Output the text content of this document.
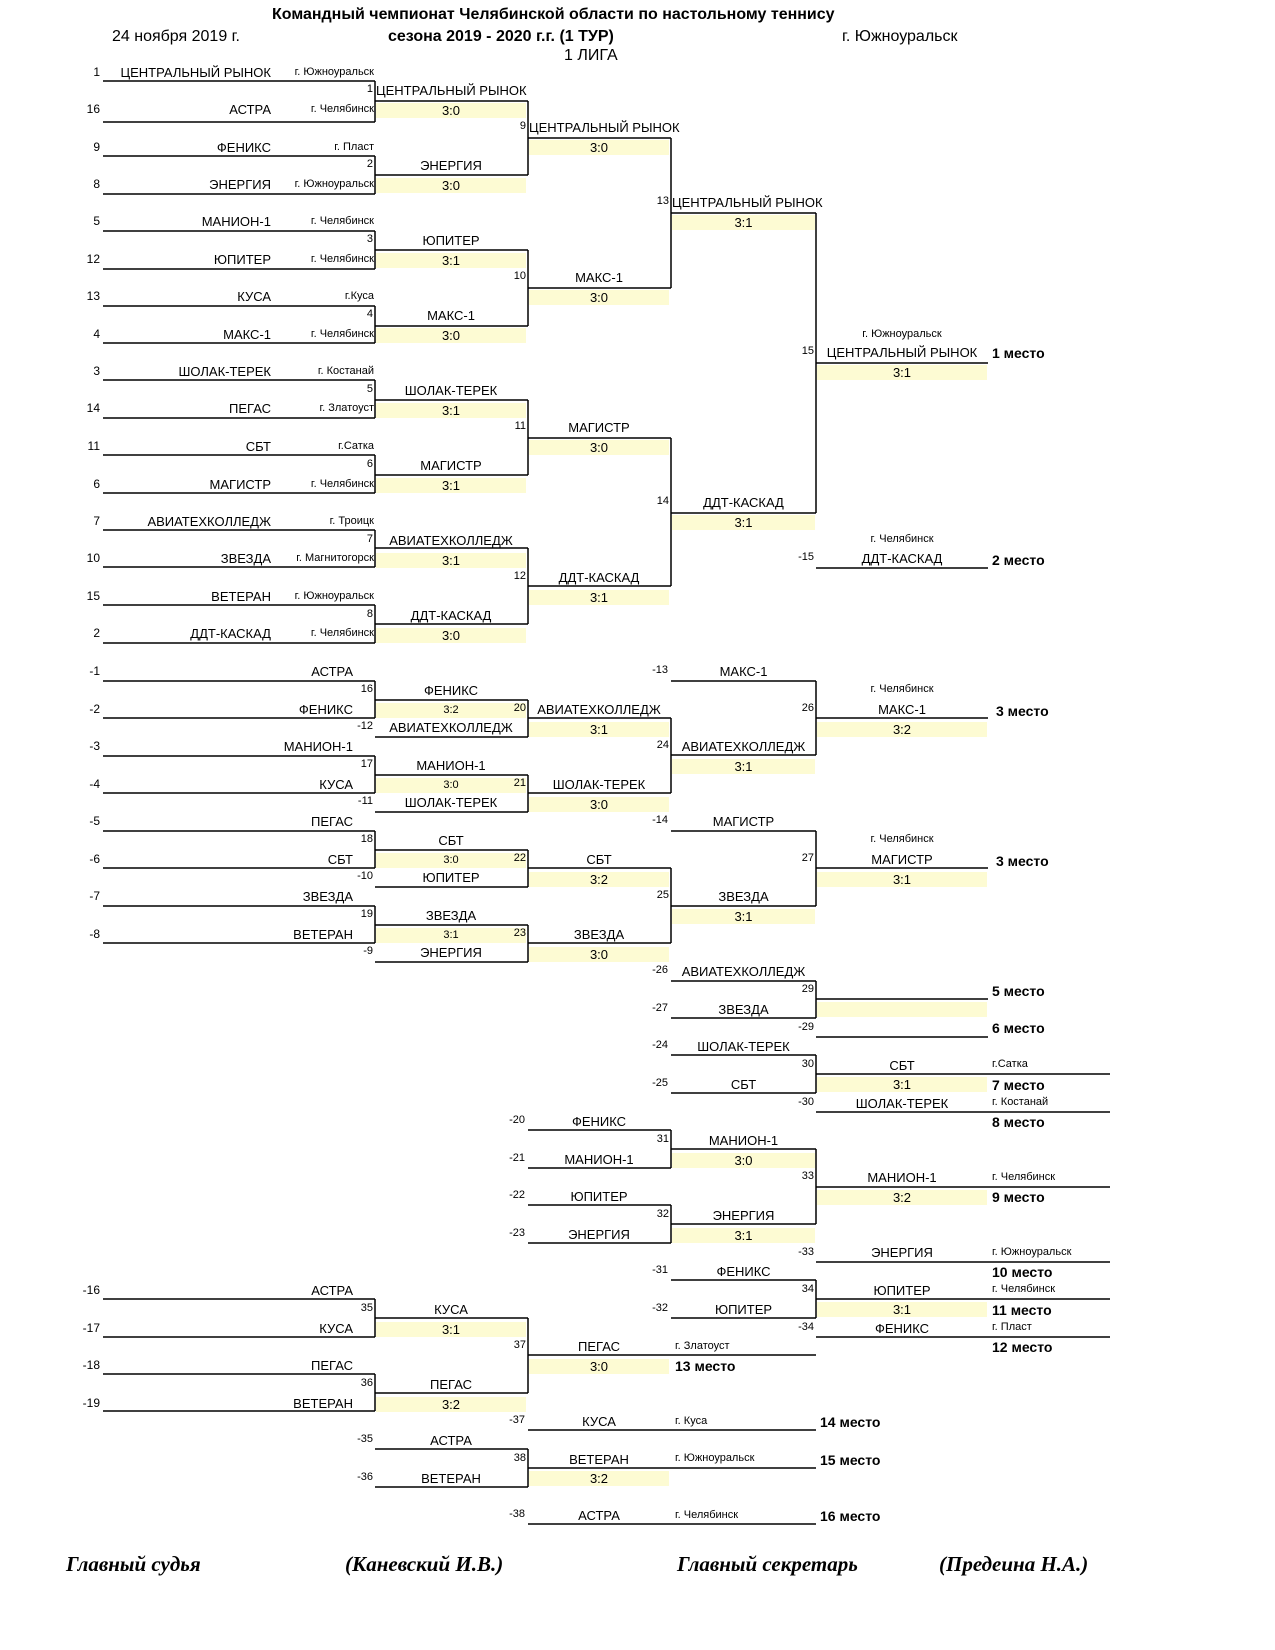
Командный чемпионат Челябинской области по настольному теннису
24 ноября 2019 г.	сезона 2019 - 2020 г.г. (1 ТУР)	г. Южноуральск
1 ЛИГА
Главный судья	(Каневский И.В.)	Главный секретарь	(Предеина Н.А.)
1	ЦЕНТРАЛЬНЫЙ РЫНОК	г. Южноуральск
16	АСТРА	г. Челябинск
9	ФЕНИКС	г. Пласт
8	ЭНЕРГИЯ	г. Южноуральск
5	МАНИОН-1	г. Челябинск
12	ЮПИТЕР	г. Челябинск
13	КУСА	г.Куса
4	МАКС-1	г. Челябинск
3	ШОЛАК-ТЕРЕК	г. Костанай
14	ПЕГАС	г. Златоуст
11	СБТ	г.Сатка
6	МАГИСТР	г. Челябинск
7	АВИАТЕХКОЛЛЕДЖ	г. Троицк
10	ЗВЕЗДА	г. Магнитогорск
15	ВЕТЕРАН	г. Южноуральск
2	ДДТ-КАСКАД	г. Челябинск
1 ЦЕНТРАЛЬНЫЙ РЫНОК
3:0
2	ЭНЕРГИЯ
3:0
3	ЮПИТЕР
3:1
4	МАКС-1
3:0
5	ШОЛАК-ТЕРЕК
3:1
6	МАГИСТР
3:1
7	АВИАТЕХКОЛЛЕДЖ
3:1
8	ДДТ-КАСКАД
3:0
9 ЦЕНТРАЛЬНЫЙ РЫНОК
3:0
10	МАКС-1
3:0
11	МАГИСТР
3:0
12	ДДТ-КАСКАД
3:1
13 ЦЕНТРАЛЬНЫЙ РЫНОК
3:1
14	ДДТ-КАСКАД
3:1
г. Южноуральск
15 ЦЕНТРАЛЬНЫЙ РЫНОК
3:1
1 место
г. Челябинск
-15	ДДТ-КАСКАД	2 место
-1	АСТРА
-2	ФЕНИКС
-3	МАНИОН-1
-4	КУСА
-5	ПЕГАС
-6	СБТ
-7	ЗВЕЗДА
-8	ВЕТЕРАН
16	ФЕНИКС
3:2
17	МАНИОН-1
3:0
18	СБТ
3:0
19	ЗВЕЗДА
3:1
-12	АВИАТЕХКОЛЛЕДЖ
-11	ШОЛАК-ТЕРЕК
-10	ЮПИТЕР
-9	ЭНЕРГИЯ
20 АВИАТЕХКОЛЛЕДЖ
3:1
21	ШОЛАК-ТЕРЕК
3:0
22	СБТ
3:2
23	ЗВЕЗДА
3:0
-13	МАКС-1
-14	МАГИСТР
24 АВИАТЕХКОЛЛЕДЖ
3:1
25	ЗВЕЗДА
3:1
г. Челябинск
26	МАКС-1
3:2
3 место
г. Челябинск
27	МАГИСТР
3:1
3 место
-26	АВИАТЕХКОЛЛЕДЖ
-27	ЗВЕЗДА
-24	ШОЛАК-ТЕРЕК
-25	СБТ
29	5 место
-29	6 место
30	СБТ
3:1
г.Сатка
7 место
-30	ШОЛАК-ТЕРЕК	г. Костанай
8 место
-20	ФЕНИКС
-21	МАНИОН-1
-22	ЮПИТЕР
-23	ЭНЕРГИЯ
31	МАНИОН-1
3:0
32	ЭНЕРГИЯ
3:1
33	МАНИОН-1
3:2
г. Челябинск
9 место
-33	ЭНЕРГИЯ	г. Южноуральск
10 место
-31	ФЕНИКС
-32	ЮПИТЕР
34	ЮПИТЕР
3:1
г. Челябинск
11 место
-34	ФЕНИКС	г. Пласт
12 место
-16	АСТРА
-17	КУСА
-18	ПЕГАС
-19	ВЕТЕРАН
35	КУСА
3:1
36	ПЕГАС
3:2
37	ПЕГАС
3:0
г. Златоуст
13 место
-37	КУСА	г. Куса	14 место
-35	АСТРА
-36	ВЕТЕРАН
38	ВЕТЕРАН
3:2
г. Южноуральск	15 место
-38	АСТРА	г. Челябинск	16 место
